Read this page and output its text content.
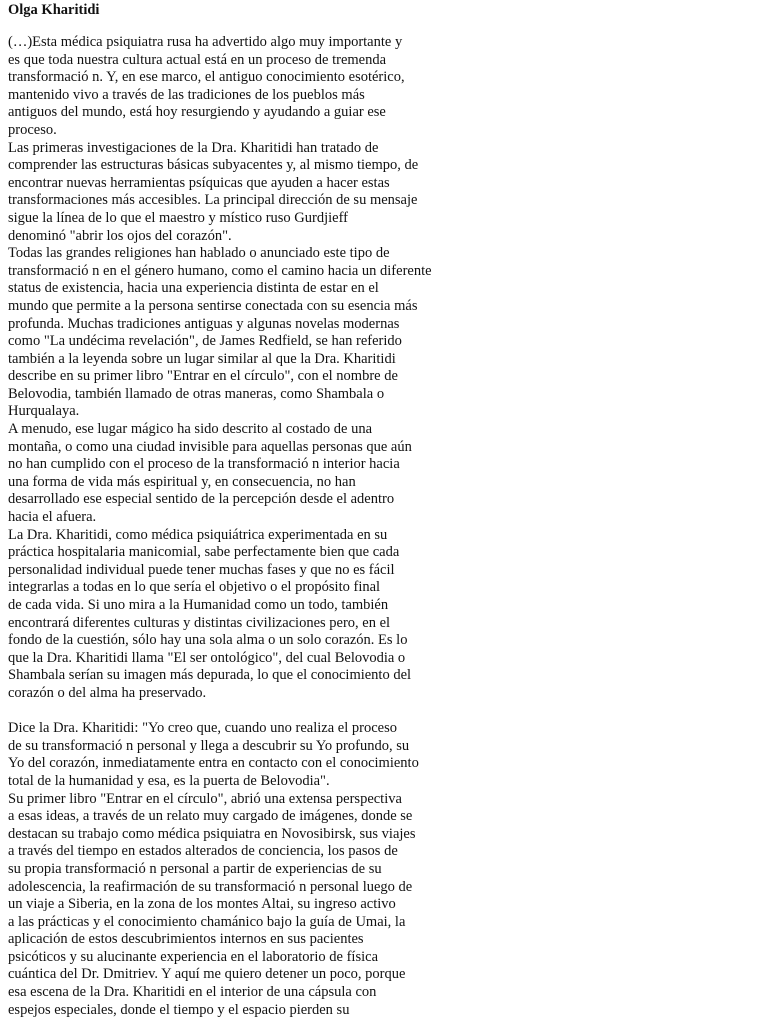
Olga Kharitidi
(…)Esta médica psiquiatra rusa ha advertido algo muy importante y
es que toda nuestra cultura actual está en un proceso de tremenda
transformació n. Y, en ese marco, el antiguo conocimiento esotérico,
mantenido vivo a través de las tradiciones de los pueblos más
antiguos del mundo, está hoy resurgiendo y ayudando a guiar ese
proceso.
Las primeras investigaciones de la Dra. Kharitidi han tratado de
comprender las estructuras básicas subyacentes y, al mismo tiempo, de
encontrar nuevas herramientas psíquicas que ayuden a hacer estas
transformaciones más accesibles. La principal dirección de su mensaje
sigue la línea de lo que el maestro y místico ruso Gurdjieff
denominó "abrir los ojos del corazón".
Todas las grandes religiones han hablado o anunciado este tipo de
transformació n en el género humano, como el camino hacia un diferente
status de existencia, hacia una experiencia distinta de estar en el
mundo que permite a la persona sentirse conectada con su esencia más
profunda. Muchas tradiciones antiguas y algunas novelas modernas
como "La undécima revelación", de James Redfield, se han referido
también a la leyenda sobre un lugar similar al que la Dra. Kharitidi
describe en su primer libro "Entrar en el círculo", con el nombre de
Belovodia, también llamado de otras maneras, como Shambala o
Hurqualaya.
A menudo, ese lugar mágico ha sido descrito al costado de una
montaña, o como una ciudad invisible para aquellas personas que aún
no han cumplido con el proceso de la transformació n interior hacia
una forma de vida más espiritual y, en consecuencia, no han
desarrollado ese especial sentido de la percepción desde el adentro
hacia el afuera.
La Dra. Kharitidi, como médica psiquiátrica experimentada en su
práctica hospitalaria manicomial, sabe perfectamente bien que cada
personalidad individual puede tener muchas fases y que no es fácil
integrarlas a todas en lo que sería el objetivo o el propósito final
de cada vida. Si uno mira a la Humanidad como un todo, también
encontrará diferentes culturas y distintas civilizaciones pero, en el
fondo de la cuestión, sólo hay una sola alma o un solo corazón. Es lo
que la Dra. Kharitidi llama "El ser ontológico", del cual Belovodia o
Shambala serían su imagen más depurada, lo que el conocimiento del
corazón o del alma ha preservado.
Dice la Dra. Kharitidi: "Yo creo que, cuando uno realiza el proceso
de su transformació n personal y llega a descubrir su Yo profundo, su
Yo del corazón, inmediatamente entra en contacto con el conocimiento
total de la humanidad y esa, es la puerta de Belovodia".
Su primer libro "Entrar en el círculo", abrió una extensa perspectiva
a esas ideas, a través de un relato muy cargado de imágenes, donde se
destacan su trabajo como médica psiquiatra en Novosibirsk, sus viajes
a través del tiempo en estados alterados de conciencia, los pasos de
su propia transformació n personal a partir de experiencias de su
adolescencia, la reafirmación de su transformació n personal luego de
un viaje a Siberia, en la zona de los montes Altai, su ingreso activo
a las prácticas y el conocimiento chamánico bajo la guía de Umai, la
aplicación de estos descubrimientos internos en sus pacientes
psicóticos y su alucinante experiencia en el laboratorio de física
cuántica del Dr. Dmitriev. Y aquí me quiero detener un poco, porque
esa escena de la Dra. Kharitidi en el interior de una cápsula con
espejos especiales, donde el tiempo y el espacio pierden su
